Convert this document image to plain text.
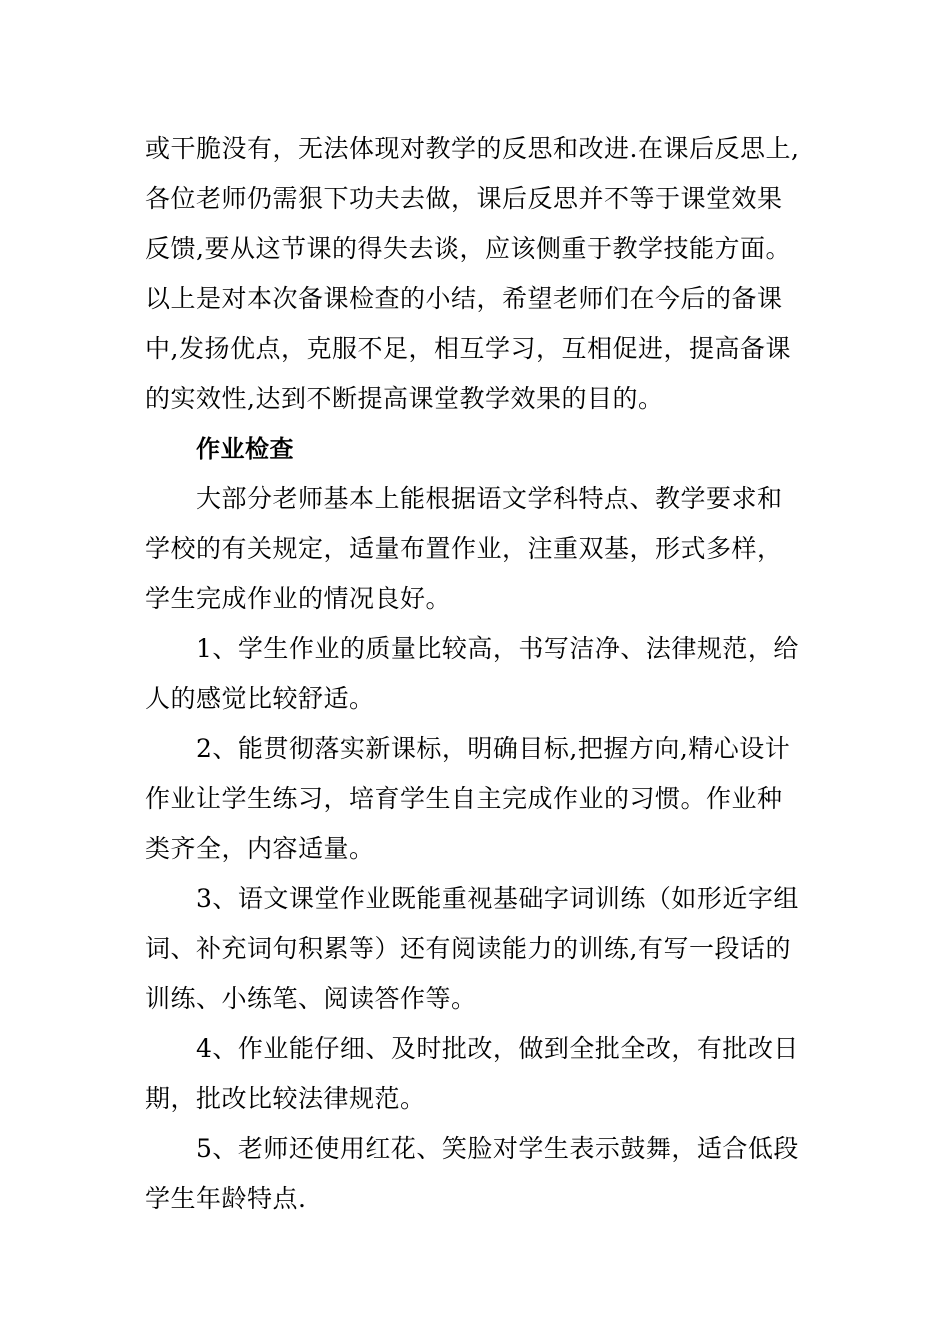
或干脆没有，无法体现对教学的反思和改进.在课后反思上,
各位老师仍需狠下功夫去做，课后反思并不等于课堂效果
反馈,要从这节课的得失去谈，应该侧重于教学技能方面。
以上是对本次备课检查的小结，希望老师们在今后的备课
中,发扬优点，克服不足，相互学习，互相促进，提高备课
的实效性,达到不断提高课堂教学效果的目的。
作业检查
大部分老师基本上能根据语文学科特点、教学要求和
学校的有关规定，适量布置作业，注重双基，形式多样，
学生完成作业的情况良好。
1、学生作业的质量比较高，书写洁净、法律规范，给
人的感觉比较舒适。
2、能贯彻落实新课标，明确目标,把握方向,精心设计
作业让学生练习，培育学生自主完成作业的习惯。作业种
类齐全，内容适量。
3、语文课堂作业既能重视基础字词训练（如形近字组
词、补充词句积累等）还有阅读能力的训练,有写一段话的
训练、小练笔、阅读答作等。
4、作业能仔细、及时批改，做到全批全改，有批改日
期，批改比较法律规范。
5、老师还使用红花、笑脸对学生表示鼓舞，适合低段
学生年龄特点.
